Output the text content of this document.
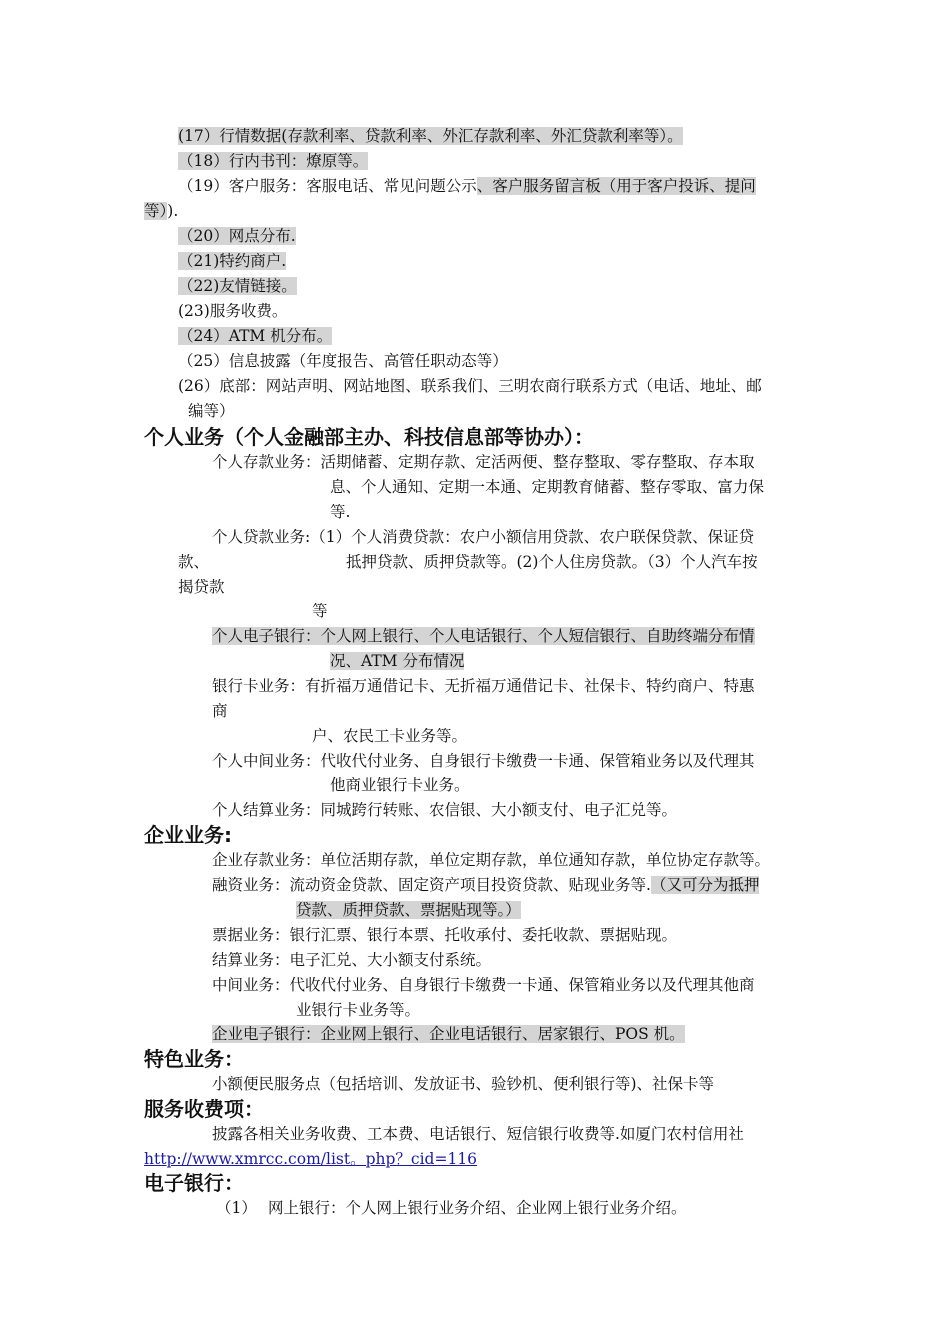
(17）行情数据(存款利率、贷款利率、外汇存款利率、外汇贷款利率等）。
（18）行内书刊：燎原等。
（19）客户服务：客服电话、常见问题公示、客户服务留言板（用于客户投诉、提问
等）).
（20）网点分布.
（21)特约商户.
（22)友情链接。
(23)服务收费。
（24）ATM 机分布。
（25）信息披露（年度报告、高管任职动态等）
(26）底部：网站声明、网站地图、联系我们、三明农商行联系方式（电话、地址、邮
编等）
个人业务（个人金融部主办、科技信息部等协办）：
个人存款业务：活期储蓄、定期存款、定活两便、整存整取、零存整取、存本取
息、个人通知、定期一本通、定期教育储蓄、整存零取、富力保
等.
个人贷款业务:（1）个人消费贷款：农户小额信用贷款、农户联保贷款、保证贷
款、	抵押贷款、质押贷款等。(2)个人住房贷款。（3）个人汽车按
揭贷款
等
个人电子银行：个人网上银行、个人电话银行、个人短信银行、自助终端分布情
况、ATM 分布情况
银行卡业务：有折福万通借记卡、无折福万通借记卡、社保卡、特约商户、特惠
商
户、农民工卡业务等。
个人中间业务：代收代付业务、自身银行卡缴费一卡通、保管箱业务以及代理其
他商业银行卡业务。
个人结算业务：同城跨行转账、农信银、大小额支付、电子汇兑等。
企业业务:
企业存款业务：单位活期存款，单位定期存款，单位通知存款，单位协定存款等。
融资业务：流动资金贷款、固定资产项目投资贷款、贴现业务等.（又可分为抵押
贷款、质押贷款、票据贴现等。）
票据业务：银行汇票、银行本票、托收承付、委托收款、票据贴现。
结算业务：电子汇兑、大小额支付系统。
中间业务：代收代付业务、自身银行卡缴费一卡通、保管箱业务以及代理其他商
业银行卡业务等。
企业电子银行：企业网上银行、企业电话银行、居家银行、POS 机。
特色业务：
小额便民服务点（包括培训、发放证书、验钞机、便利银行等)、社保卡等
服务收费项：
披露各相关业务收费、工本费、电话银行、短信银行收费等.如厦门农村信用社
http://www.xmrcc.com/list。php？cid=116
电子银行：
（1） 网上银行：个人网上银行业务介绍、企业网上银行业务介绍。
